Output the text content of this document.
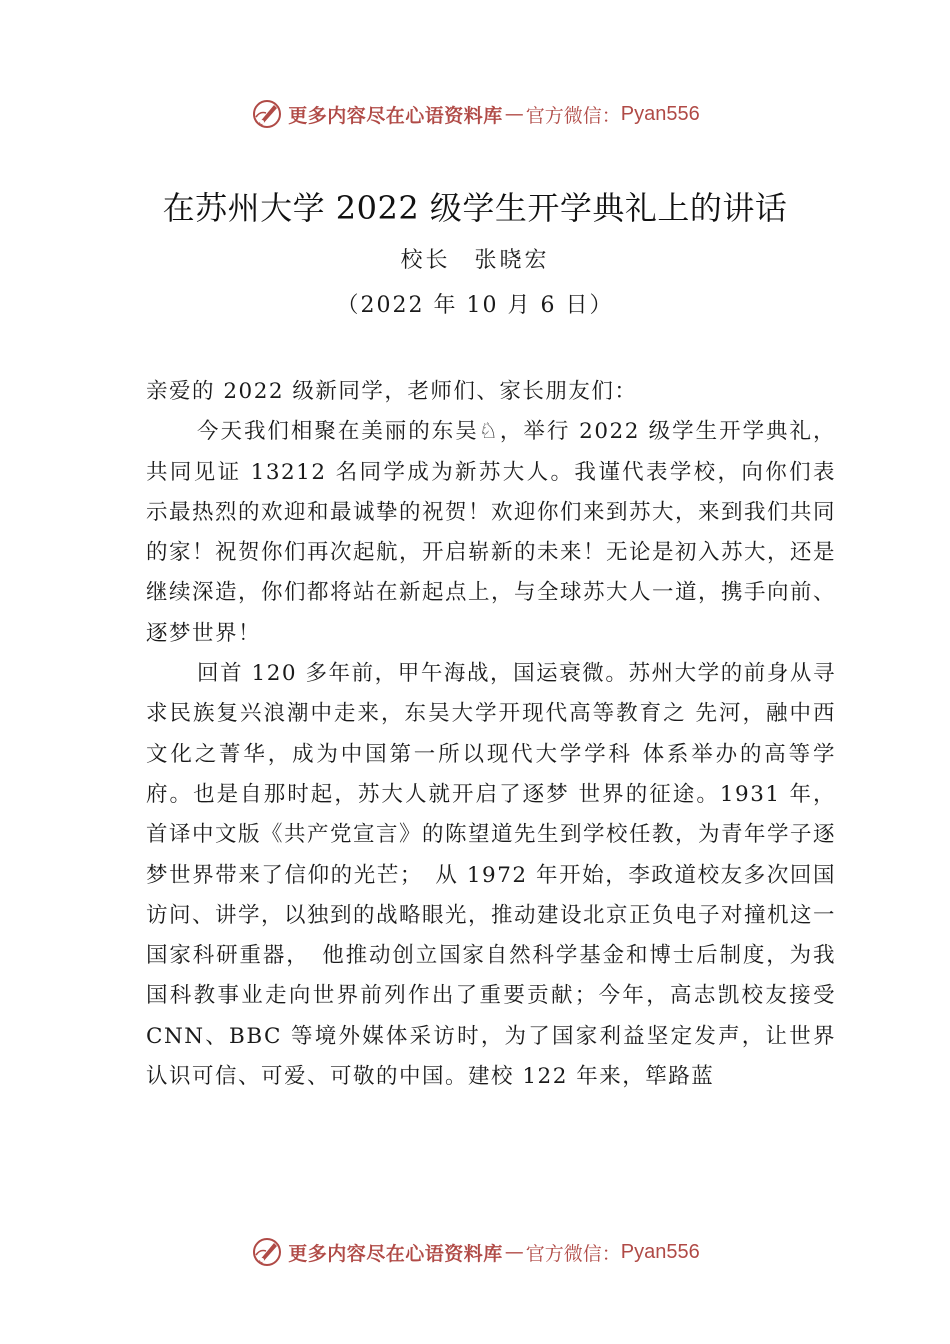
更多内容尽在心语资料库 — 官方微信： Pyan556
在苏州大学 2022 级学生开学典礼上的讲话
校长 张晓宏
（2022 年 10 月 6 日）

亲爱的 2022 级新同学，老师们、家长朋友们：

今天我们相聚在美丽的东吴♘，举行 2022 级学生开学典礼，共同见证 13212 名同学成为新苏大人。我谨代表学校，向你们表示最热烈的欢迎和最诚挚的祝贺！欢迎你们来到苏大，来到我们共同的家！祝贺你们再次起航，开启崭新的未来！无论是初入苏大，还是继续深造，你们都将站在新起点上，与全球苏大人一道，携手向前、逐梦世界！

回首 120 多年前，甲午海战，国运衰微。苏州大学的前身从寻求民族复兴浪潮中走来，东吴大学开现代高等教育之 先河，融中西文化之菁华，成为中国第一所以现代大学学科 体系举办的高等学府。也是自那时起，苏大人就开启了逐梦 世界的征途。1931 年，首译中文版《共产党宣言》的陈望道先生到学校任教，为青年学子逐梦世界带来了信仰的光芒；　从 1972 年开始，李政道校友多次回国访问、讲学，以独到的战略眼光，推动建设北京正负电子对撞机这一国家科研重器，　他推动创立国家自然科学基金和博士后制度，为我国科教事业走向世界前列作出了重要贡献；今年，高志凯校友接受 CNN、BBC 等境外媒体采访时，为了国家利益坚定发声，让世界认识可信、可爱、可敬的中国。建校 122 年来，筚路蓝

更多内容尽在心语资料库 — 官方微信： Pyan556
